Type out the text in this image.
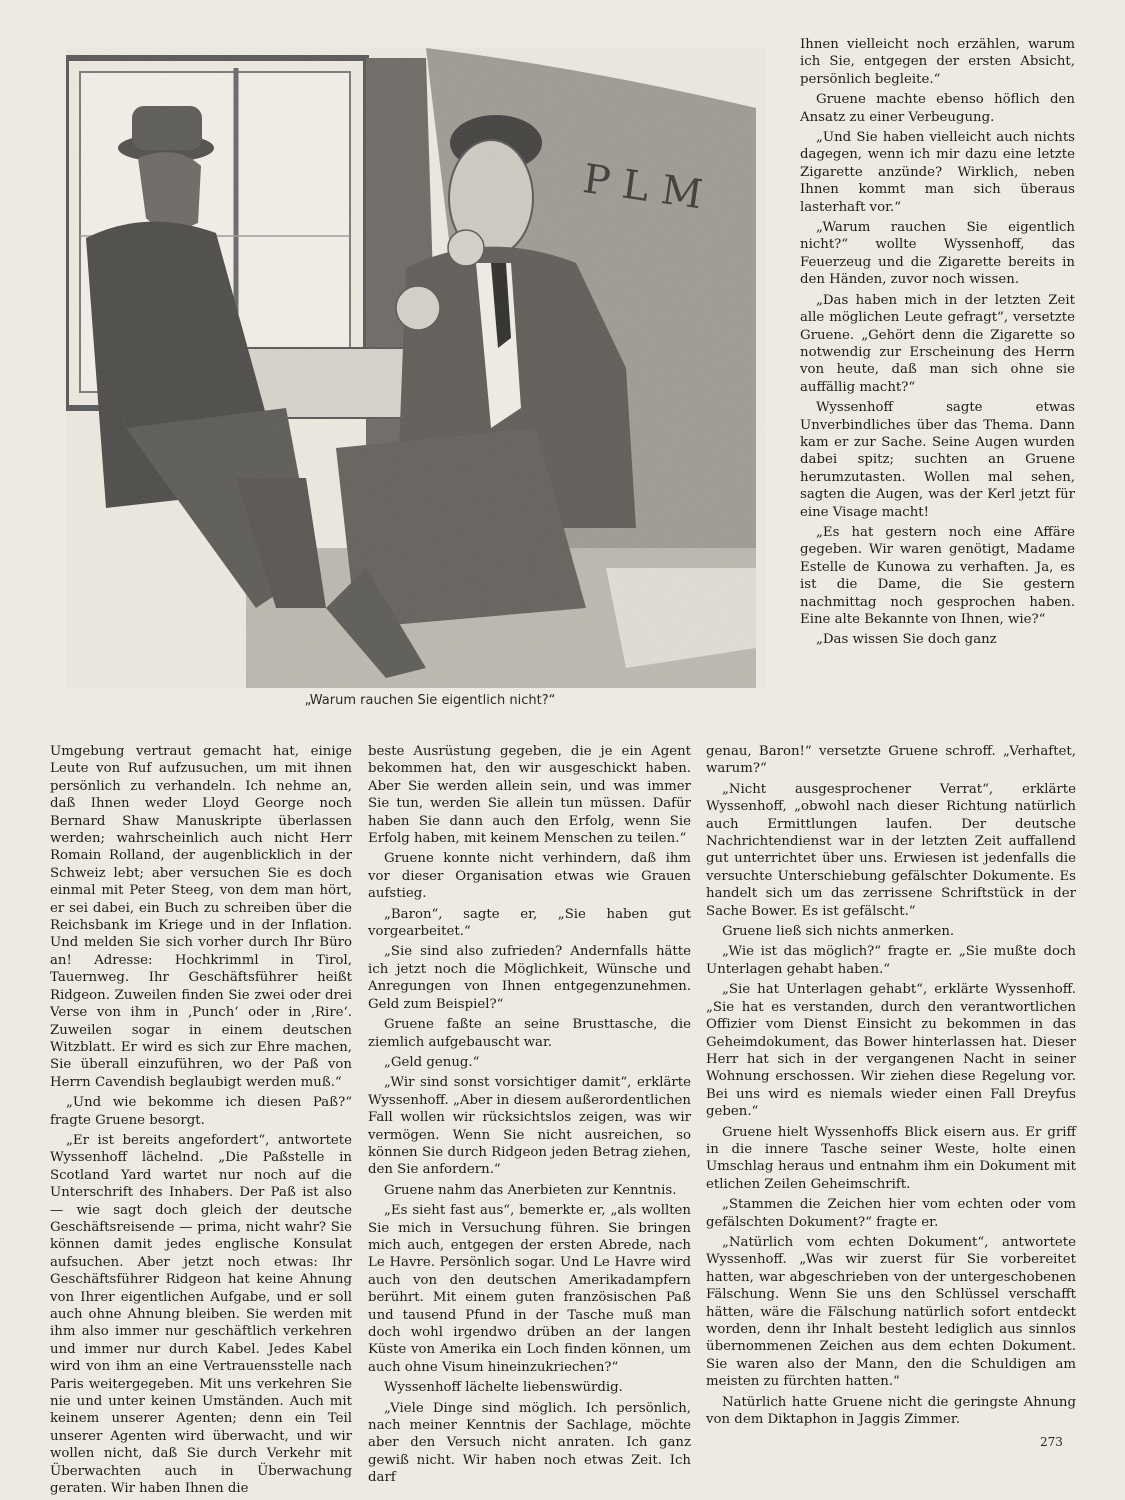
„Warum rauchen Sie eigentlich nicht?“

Ihnen vielleicht noch erzählen, warum ich Sie, entgegen der ersten Absicht, persönlich begleite.“

Gruene machte ebenso höflich den Ansatz zu einer Verbeugung.

„Und Sie haben vielleicht auch nichts dagegen, wenn ich mir dazu eine letzte Zigarette anzünde? Wirklich, neben Ihnen kommt man sich überaus lasterhaft vor.“

„Warum rauchen Sie eigentlich nicht?“ wollte Wyssenhoff, das Feuerzeug und die Zigarette bereits in den Händen, zuvor noch wissen.

„Das haben mich in der letzten Zeit alle möglichen Leute gefragt“, versetzte Gruene. „Gehört denn die Zigarette so notwendig zur Erscheinung des Herrn von heute, daß man sich ohne sie auffällig macht?“

Wyssenhoff sagte etwas Unverbindliches über das Thema. Dann kam er zur Sache. Seine Augen wurden dabei spitz; suchten an Gruene herumzutasten. Wollen mal sehen, sagten die Augen, was der Kerl jetzt für eine Visage macht!

„Es hat gestern noch eine Affäre gegeben. Wir waren genötigt, Madame Estelle de Kunowa zu verhaften. Ja, es ist die Dame, die Sie gestern nachmittag noch gesprochen haben. Eine alte Bekannte von Ihnen, wie?“

„Das wissen Sie doch ganz

Umgebung vertraut gemacht hat, einige Leute von Ruf aufzusuchen, um mit ihnen persönlich zu verhandeln. Ich nehme an, daß Ihnen weder Lloyd George noch Bernard Shaw Manuskripte überlassen werden; wahrscheinlich auch nicht Herr Romain Rolland, der augenblicklich in der Schweiz lebt; aber versuchen Sie es doch einmal mit Peter Steeg, von dem man hört, er sei dabei, ein Buch zu schreiben über die Reichsbank im Kriege und in der Inflation. Und melden Sie sich vorher durch Ihr Büro an! Adresse: Hochkrimml in Tirol, Tauernweg. Ihr Geschäftsführer heißt Ridgeon. Zuweilen finden Sie zwei oder drei Verse von ihm in ‚Punch‘ oder in ‚Rire‘. Zuweilen sogar in einem deutschen Witzblatt. Er wird es sich zur Ehre machen, Sie überall einzuführen, wo der Paß von Herrn Cavendish beglaubigt werden muß.“

„Und wie bekomme ich diesen Paß?“ fragte Gruene besorgt.

„Er ist bereits angefordert“, antwortete Wyssenhoff lächelnd. „Die Paßstelle in Scotland Yard wartet nur noch auf die Unterschrift des Inhabers. Der Paß ist also — wie sagt doch gleich der deutsche Geschäftsreisende — prima, nicht wahr? Sie können damit jedes englische Konsulat aufsuchen. Aber jetzt noch etwas: Ihr Geschäftsführer Ridgeon hat keine Ahnung von Ihrer eigentlichen Aufgabe, und er soll auch ohne Ahnung bleiben. Sie werden mit ihm also immer nur geschäftlich verkehren und immer nur durch Kabel. Jedes Kabel wird von ihm an eine Vertrauensstelle nach Paris weitergegeben. Mit uns verkehren Sie nie und unter keinen Umständen. Auch mit keinem unserer Agenten; denn ein Teil unserer Agenten wird überwacht, und wir wollen nicht, daß Sie durch Verkehr mit Überwachten auch in Überwachung geraten. Wir haben Ihnen die

beste Ausrüstung gegeben, die je ein Agent bekommen hat, den wir ausgeschickt haben. Aber Sie werden allein sein, und was immer Sie tun, werden Sie allein tun müssen. Dafür haben Sie dann auch den Erfolg, wenn Sie Erfolg haben, mit keinem Menschen zu teilen.“

Gruene konnte nicht verhindern, daß ihm vor dieser Organisation etwas wie Grauen aufstieg.

„Baron“, sagte er, „Sie haben gut vorgearbeitet.“

„Sie sind also zufrieden? Andernfalls hätte ich jetzt noch die Möglichkeit, Wünsche und Anregungen von Ihnen entgegenzunehmen. Geld zum Beispiel?“

Gruene faßte an seine Brusttasche, die ziemlich aufgebauscht war.

„Geld genug.“

„Wir sind sonst vorsichtiger damit“, erklärte Wyssenhoff. „Aber in diesem außerordentlichen Fall wollen wir rücksichtslos zeigen, was wir vermögen. Wenn Sie nicht ausreichen, so können Sie durch Ridgeon jeden Betrag ziehen, den Sie anfordern.“

Gruene nahm das Anerbieten zur Kenntnis.

„Es sieht fast aus“, bemerkte er, „als wollten Sie mich in Versuchung führen. Sie bringen mich auch, entgegen der ersten Abrede, nach Le Havre. Persönlich sogar. Und Le Havre wird auch von den deutschen Amerikadampfern berührt. Mit einem guten französischen Paß und tausend Pfund in der Tasche muß man doch wohl irgendwo drüben an der langen Küste von Amerika ein Loch finden können, um auch ohne Visum hineinzukriechen?“

Wyssenhoff lächelte liebenswürdig.

„Viele Dinge sind möglich. Ich persönlich, nach meiner Kenntnis der Sachlage, möchte aber den Versuch nicht anraten. Ich ganz gewiß nicht. Wir haben noch etwas Zeit. Ich darf

genau, Baron!“ versetzte Gruene schroff. „Verhaftet, warum?“

„Nicht ausgesprochener Verrat“, erklärte Wyssenhoff, „obwohl nach dieser Richtung natürlich auch Ermittlungen laufen. Der deutsche Nachrichtendienst war in der letzten Zeit auffallend gut unterrichtet über uns. Erwiesen ist jedenfalls die versuchte Unterschiebung gefälschter Dokumente. Es handelt sich um das zerrissene Schriftstück in der Sache Bower. Es ist gefälscht.“

Gruene ließ sich nichts anmerken.

„Wie ist das möglich?“ fragte er. „Sie mußte doch Unterlagen gehabt haben.“

„Sie hat Unterlagen gehabt“, erklärte Wyssenhoff. „Sie hat es verstanden, durch den verantwortlichen Offizier vom Dienst Einsicht zu bekommen in das Geheimdokument, das Bower hinterlassen hat. Dieser Herr hat sich in der vergangenen Nacht in seiner Wohnung erschossen. Wir ziehen diese Regelung vor. Bei uns wird es niemals wieder einen Fall Dreyfus geben.“

Gruene hielt Wyssenhoffs Blick eisern aus. Er griff in die innere Tasche seiner Weste, holte einen Umschlag heraus und entnahm ihm ein Dokument mit etlichen Zeilen Geheimschrift.

„Stammen die Zeichen hier vom echten oder vom gefälschten Dokument?“ fragte er.

„Natürlich vom echten Dokument“, antwortete Wyssenhoff. „Was wir zuerst für Sie vorbereitet hatten, war abgeschrieben von der untergeschobenen Fälschung. Wenn Sie uns den Schlüssel verschafft hätten, wäre die Fälschung natürlich sofort entdeckt worden, denn ihr Inhalt besteht lediglich aus sinnlos übernommenen Zeichen aus dem echten Dokument. Sie waren also der Mann, den die Schuldigen am meisten zu fürchten hatten.“

Natürlich hatte Gruene nicht die geringste Ahnung von dem Diktaphon in Jaggis Zimmer.

273
